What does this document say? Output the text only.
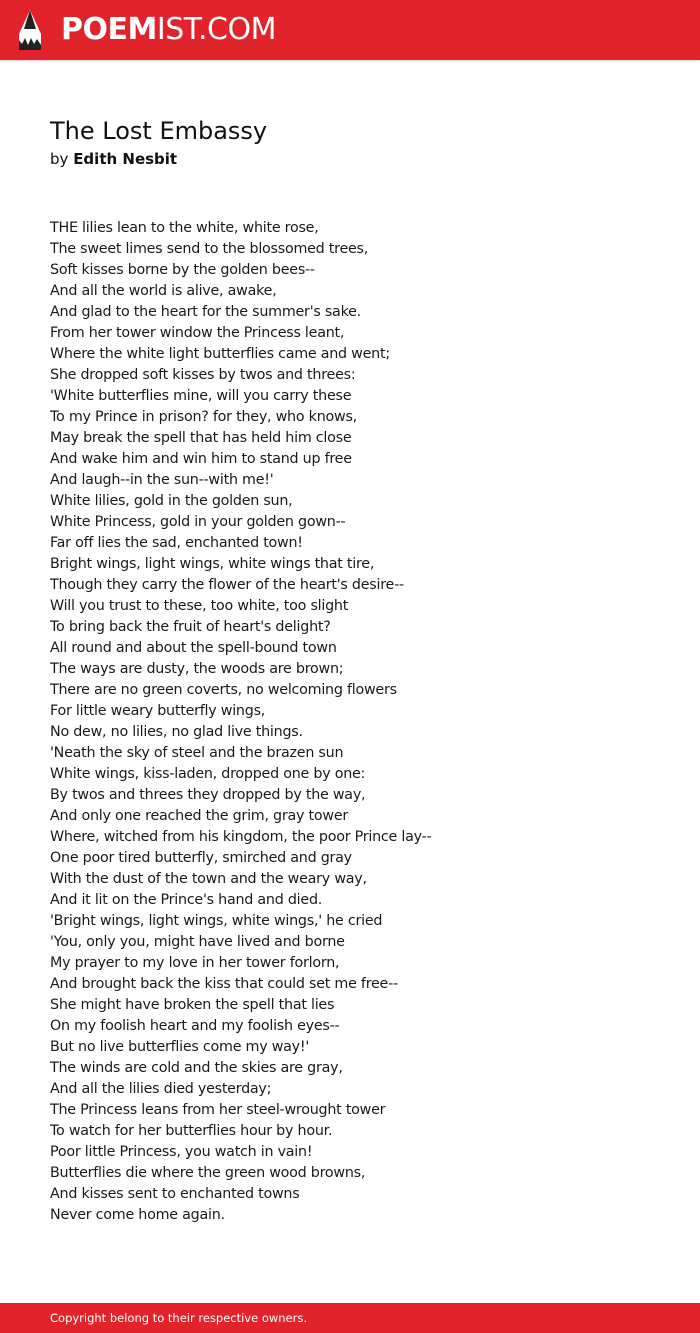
POEMIST.COM
The Lost Embassy
by Edith Nesbit
THE lilies lean to the white, white rose,
The sweet limes send to the blossomed trees,
Soft kisses borne by the golden bees--
And all the world is alive, awake,
And glad to the heart for the summer's sake.
From her tower window the Princess leant,
Where the white light butterflies came and went;
She dropped soft kisses by twos and threes:
'White butterflies mine, will you carry these
To my Prince in prison? for they, who knows,
May break the spell that has held him close
And wake him and win him to stand up free
And laugh--in the sun--with me!'
White lilies, gold in the golden sun,
White Princess, gold in your golden gown--
Far off lies the sad, enchanted town!
Bright wings, light wings, white wings that tire,
Though they carry the flower of the heart's desire--
Will you trust to these, too white, too slight
To bring back the fruit of heart's delight?
All round and about the spell-bound town
The ways are dusty, the woods are brown;
There are no green coverts, no welcoming flowers
For little weary butterfly wings,
No dew, no lilies, no glad live things.
'Neath the sky of steel and the brazen sun
White wings, kiss-laden, dropped one by one:
By twos and threes they dropped by the way,
And only one reached the grim, gray tower
Where, witched from his kingdom, the poor Prince lay--
One poor tired butterfly, smirched and gray
With the dust of the town and the weary way,
And it lit on the Prince's hand and died.
'Bright wings, light wings, white wings,' he cried
'You, only you, might have lived and borne
My prayer to my love in her tower forlorn,
And brought back the kiss that could set me free--
She might have broken the spell that lies
On my foolish heart and my foolish eyes--
But no live butterflies come my way!'
The winds are cold and the skies are gray,
And all the lilies died yesterday;
The Princess leans from her steel-wrought tower
To watch for her butterflies hour by hour.
Poor little Princess, you watch in vain!
Butterflies die where the green wood browns,
And kisses sent to enchanted towns
Never come home again.
Copyright belong to their respective owners.
